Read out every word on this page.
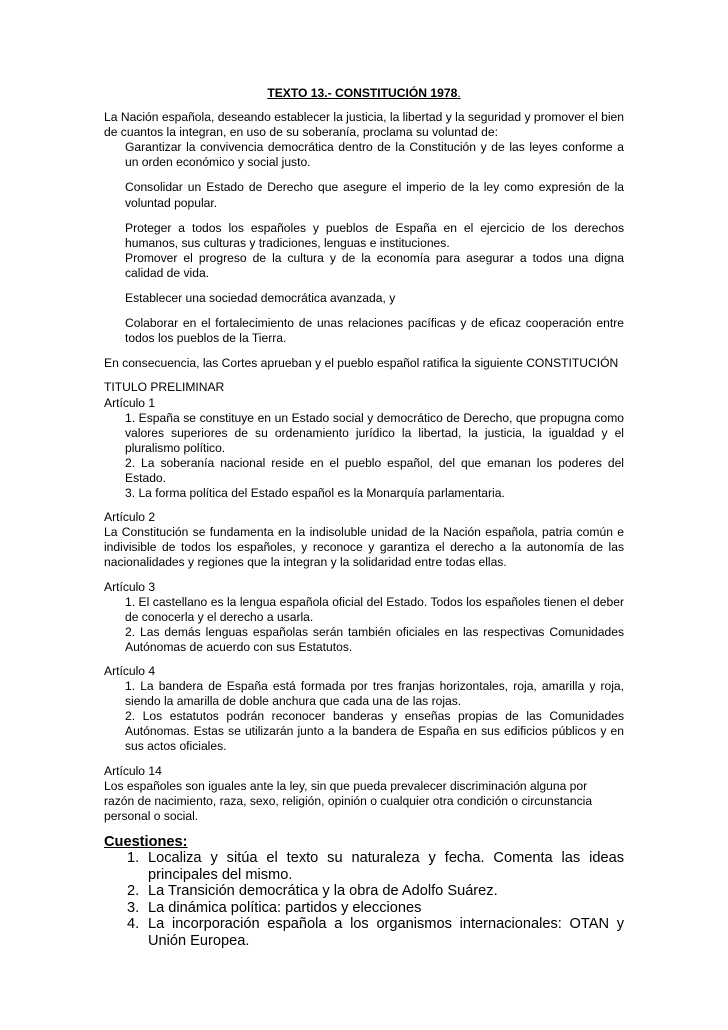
TEXTO 13.- CONSTITUCIÓN 1978.

La Nación española, deseando establecer la justicia, la libertad y la seguridad y promover el bien de cuantos la integran, en uso de su soberanía, proclama su voluntad de:

Garantizar la convivencia democrática dentro de la Constitución y de las leyes conforme a un orden económico y social justo.

Consolidar un Estado de Derecho que asegure el imperio de la ley como expresión de la voluntad popular.

Proteger a todos los españoles y pueblos de España en el ejercicio de los derechos humanos, sus culturas y tradiciones, lenguas e instituciones.

Promover el progreso de la cultura y de la economía para asegurar a todos una digna calidad de vida.

Establecer una sociedad democrática avanzada, y

Colaborar en el fortalecimiento de unas relaciones pacíficas y de eficaz cooperación entre todos los pueblos de la Tierra.

En consecuencia, las Cortes aprueban y el pueblo español ratifica la siguiente CONSTITUCIÓN

TITULO PRELIMINAR

Artículo 1

1. España se constituye en un Estado social y democrático de Derecho, que propugna como valores superiores de su ordenamiento jurídico la libertad, la justicia, la igualdad y el pluralismo político.

2. La soberanía nacional reside en el pueblo español, del que emanan los poderes del Estado.

3. La forma política del Estado español es la Monarquía parlamentaria.

Artículo 2

La Constitución se fundamenta en la indisoluble unidad de la Nación española, patria común e indivisible de todos los españoles, y reconoce y garantiza el derecho a la autonomía de las nacionalidades y regiones que la integran y la solidaridad entre todas ellas.

Artículo 3

1. El castellano es la lengua española oficial del Estado. Todos los españoles tienen el deber de conocerla y el derecho a usarla.

2. Las demás lenguas españolas serán también oficiales en las respectivas Comunidades Autónomas de acuerdo con sus Estatutos.

Artículo 4

1. La bandera de España está formada por tres franjas horizontales, roja, amarilla y roja, siendo la amarilla de doble anchura que cada una de las rojas.

2. Los estatutos podrán reconocer banderas y enseñas propias de las Comunidades Autónomas. Estas se utilizarán junto a la bandera de España en sus edificios públicos y en sus actos oficiales.

Artículo 14

Los españoles son iguales ante la ley, sin que pueda prevalecer discriminación alguna por

razón de nacimiento, raza, sexo, religión, opinión o cualquier otra condición o circunstancia

personal o social.

Cuestiones:
1. Localiza y sitúa el texto su naturaleza y fecha. Comenta las ideas principales del mismo.
2. La Transición democrática y la obra de Adolfo Suárez.
3. La dinámica política: partidos y elecciones
4. La incorporación española a los organismos internacionales: OTAN y Unión Europea.
